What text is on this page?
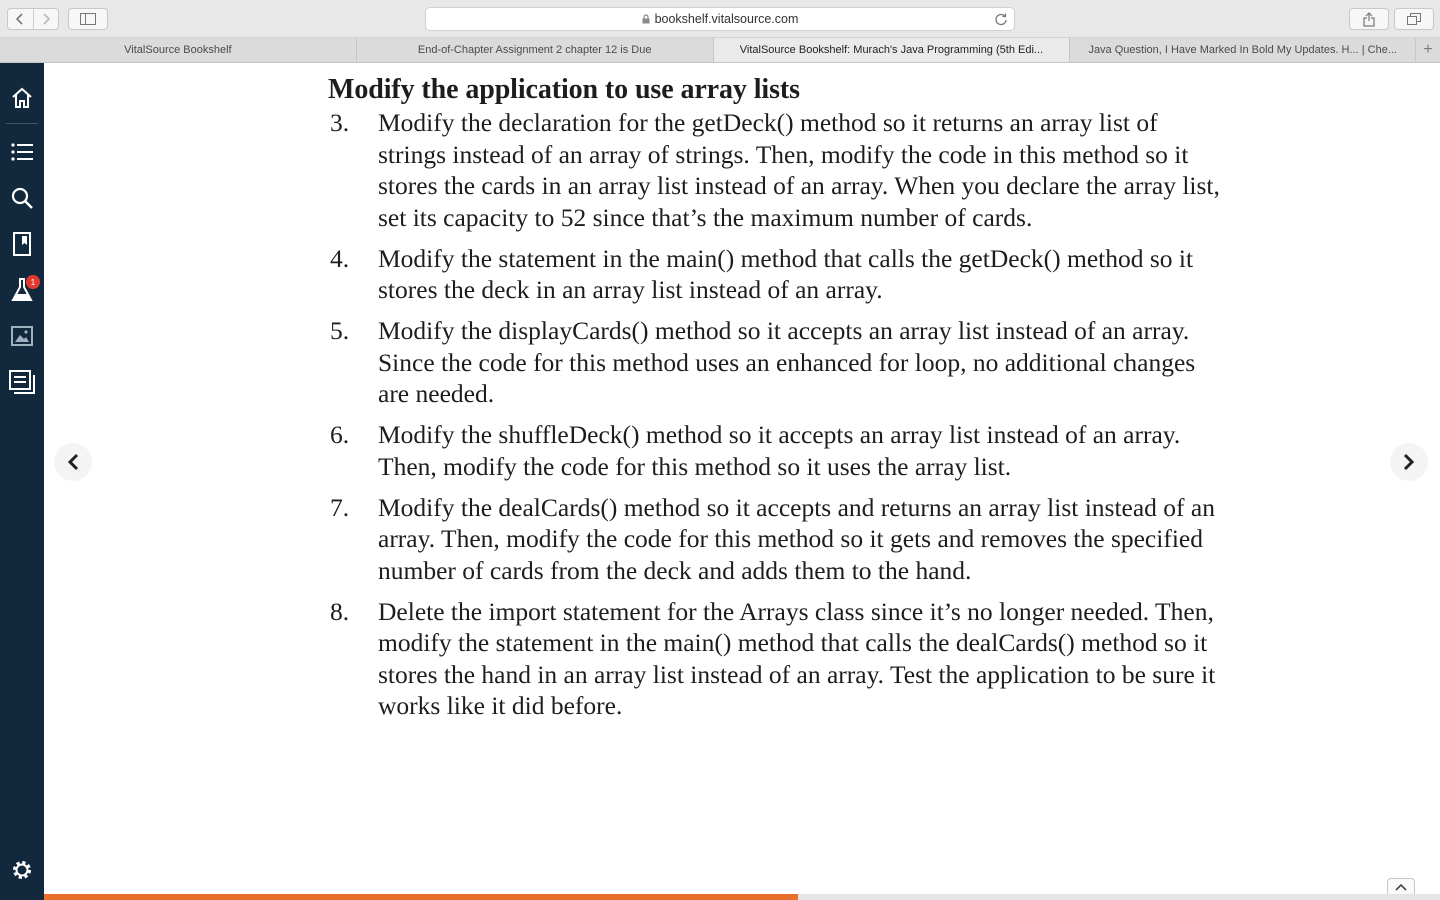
bookshelf.vitalsource.com
VitalSource Bookshelf	End-of-Chapter Assignment 2 chapter 12 is Due	VitalSource Bookshelf: Murach's Java Programming (5th Edi...	Java Question, I Have Marked In Bold My Updates. H... | Che...	+
1
Modify the application to use array lists
3.	Modify the declaration for the getDeck() method so it returns an array list of strings instead of an array of strings. Then, modify the code in this method so it stores the cards in an array list instead of an array. When you declare the array list, set its capacity to 52 since that’s the maximum number of cards.
4.	Modify the statement in the main() method that calls the getDeck() method so it stores the deck in an array list instead of an array.
5.	Modify the displayCards() method so it accepts an array list instead of an array. Since the code for this method uses an enhanced for loop, no additional changes are needed.
6.	Modify the shuffleDeck() method so it accepts an array list instead of an array. Then, modify the code for this method so it uses the array list.
7.	Modify the dealCards() method so it accepts and returns an array list instead of an array. Then, modify the code for this method so it gets and removes the specified number of cards from the deck and adds them to the hand.
8.	Delete the import statement for the Arrays class since it’s no longer needed. Then, modify the statement in the main() method that calls the dealCards() method so it stores the hand in an array list instead of an array. Test the application to be sure it works like it did before.
